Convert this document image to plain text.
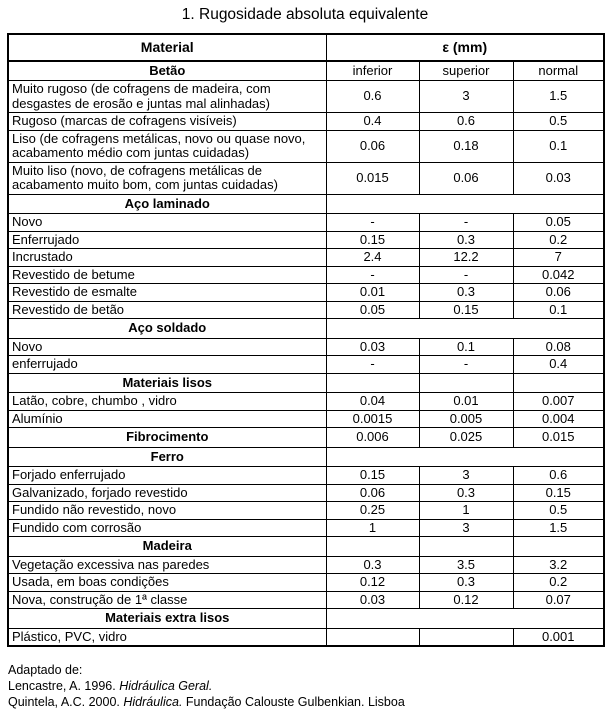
1. Rugosidade absoluta equivalente
Material	ε (mm)		
Betão	inferior	superior	normal
Muito rugoso (de cofragens de madeira, com desgastes de erosão e juntas mal alinhadas)	0.6	3	1.5
Rugoso (marcas de cofragens visíveis)	0.4	0.6	0.5
Liso (de cofragens metálicas, novo ou quase novo, acabamento médio com juntas cuidadas)	0.06	0.18	0.1
Muito liso (novo, de cofragens metálicas de acabamento muito bom, com juntas cuidadas)	0.015	0.06	0.03
Aço laminado			
Novo	-	-	0.05
Enferrujado	0.15	0.3	0.2
Incrustado	2.4	12.2	7
Revestido de betume	-	-	0.042
Revestido de esmalte	0.01	0.3	0.06
Revestido de betão	0.05	0.15	0.1
Aço soldado			
Novo	0.03	0.1	0.08
enferrujado	-	-	0.4
Materiais lisos			
Latão, cobre, chumbo , vidro	0.04	0.01	0.007
Alumínio	0.0015	0.005	0.004
Fibrocimento	0.006	0.025	0.015
Ferro			
Forjado enferrujado	0.15	3	0.6
Galvanizado, forjado revestido	0.06	0.3	0.15
Fundido não revestido, novo	0.25	1	0.5
Fundido com corrosão	1	3	1.5
Madeira			
Vegetação excessiva nas paredes	0.3	3.5	3.2
Usada, em boas condições	0.12	0.3	0.2
Nova, construção de 1ª classe	0.03	0.12	0.07
Materiais extra lisos			
Plástico, PVC, vidro			0.001
Adaptado de:
Lencastre, A. 1996. Hidráulica Geral.
Quintela, A.C. 2000. Hidráulica. Fundação Calouste Gulbenkian. Lisboa
